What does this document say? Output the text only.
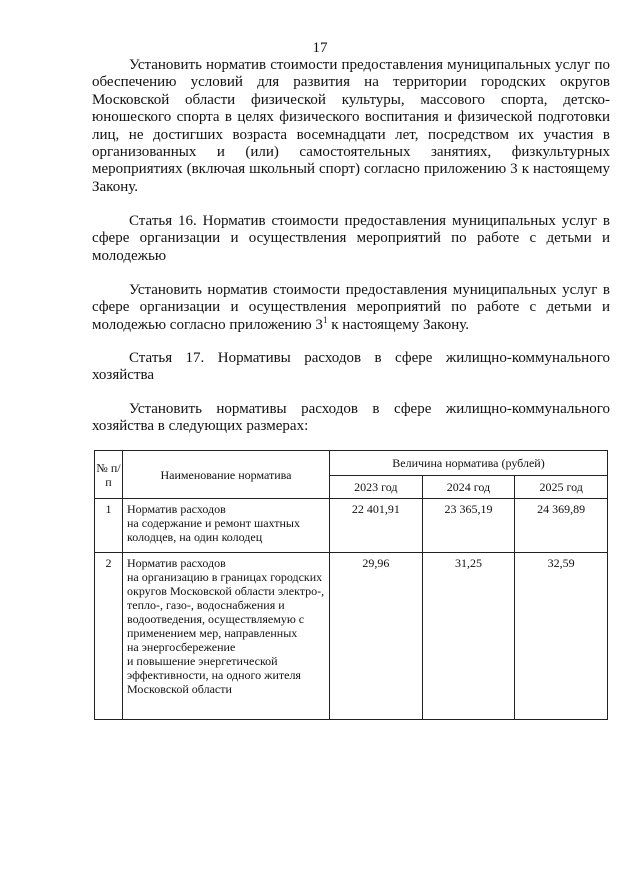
17

Установить норматив стоимости предоставления муниципальных услуг по обеспечению условий для развития на территории городских округов Московской области физической культуры, массового спорта, детско-юношеского спорта в целях физического воспитания и физической подготовки лиц, не достигших возраста восемнадцати лет, посредством их участия в организованных и (или) самостоятельных занятиях, физкультурных мероприятиях (включая школьный спорт) согласно приложению 3 к настоящему Закону.

Статья 16. Норматив стоимости предоставления муниципальных услуг в сфере организации и осуществления мероприятий по работе с детьми и молодежью

Установить норматив стоимости предоставления муниципальных услуг в сфере организации и осуществления мероприятий по работе с детьми и молодежью согласно приложению $3^1$ к настоящему Закону.

Статья 17. Нормативы расходов в сфере жилищно-коммунального хозяйства

Установить нормативы расходов в сфере жилищно-коммунального хозяйства в следующих размерах:

№ п/п	Наименование норматива	Величина норматива (рублей)		
		2023 год	2024 год	2025 год
1	Норматив расходов
на содержание и ремонт шахтных колодцев, на один колодец	22 401,91	23 365,19	24 369,89
2	Норматив расходов
на организацию в границах городских округов Московской области электро-, тепло-, газо-, водоснабжения и водоотведения, осуществляемую с применением мер, направленных
на энергосбережение
и повышение энергетической эффективности, на одного жителя Московской области	29,96	31,25	32,59
